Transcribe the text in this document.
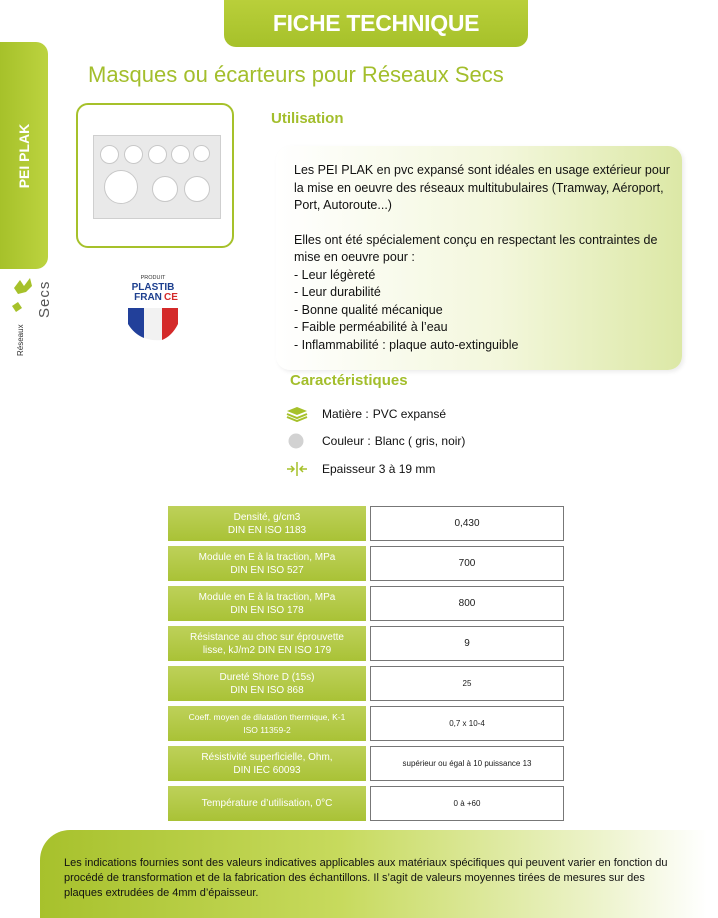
FICHE TECHNIQUE
PEI PLAK
Réseaux
Secs
Masques ou écarteurs pour Réseaux Secs
PRODUIT
PLASTIB
FRAN CE
Utilisation

Les PEI PLAK en pvc expansé sont idéales en usage extérieur pour la mise en oeuvre des réseaux multitubulaires (Tramway, Aéroport, Port, Autoroute...)

Elles ont été spécialement conçu en respectant les contraintes de mise en oeuvre pour :

- Leur légèreté
- Leur durabilité
- Bonne qualité mécanique
- Faible perméabilité à l’eau
- Inflammabilité : plaque auto-extinguible
Caractéristiques
Matière : PVC expansé
Couleur : Blanc ( gris, noir)
Epaisseur 3 à 19 mm
Densité, g/cm3
DIN EN ISO 1183	0,430
Module en E à la traction, MPa
DIN EN ISO 527	700
Module en E à la traction, MPa
DIN EN ISO 178	800
Résistance au choc sur éprouvette
lisse, kJ/m2 DIN EN ISO 179	9
Dureté Shore D (15s)
DIN EN ISO 868	25
Coeff. moyen de dilatation thermique, K-1
ISO 11359-2	0,7 x 10-4
Résistivité superficielle, Ohm,
DIN IEC 60093	supérieur ou égal à 10 puissance 13
Température d’utilisation, 0°C	0 à +60
Les indications fournies sont des valeurs indicatives applicables aux matériaux spécifiques qui peuvent varier en fonction du procédé de transformation et de la fabrication des échantillons. Il s’agit de valeurs moyennes tirées de mesures sur des plaques extrudées de 4mm d’épaisseur.
